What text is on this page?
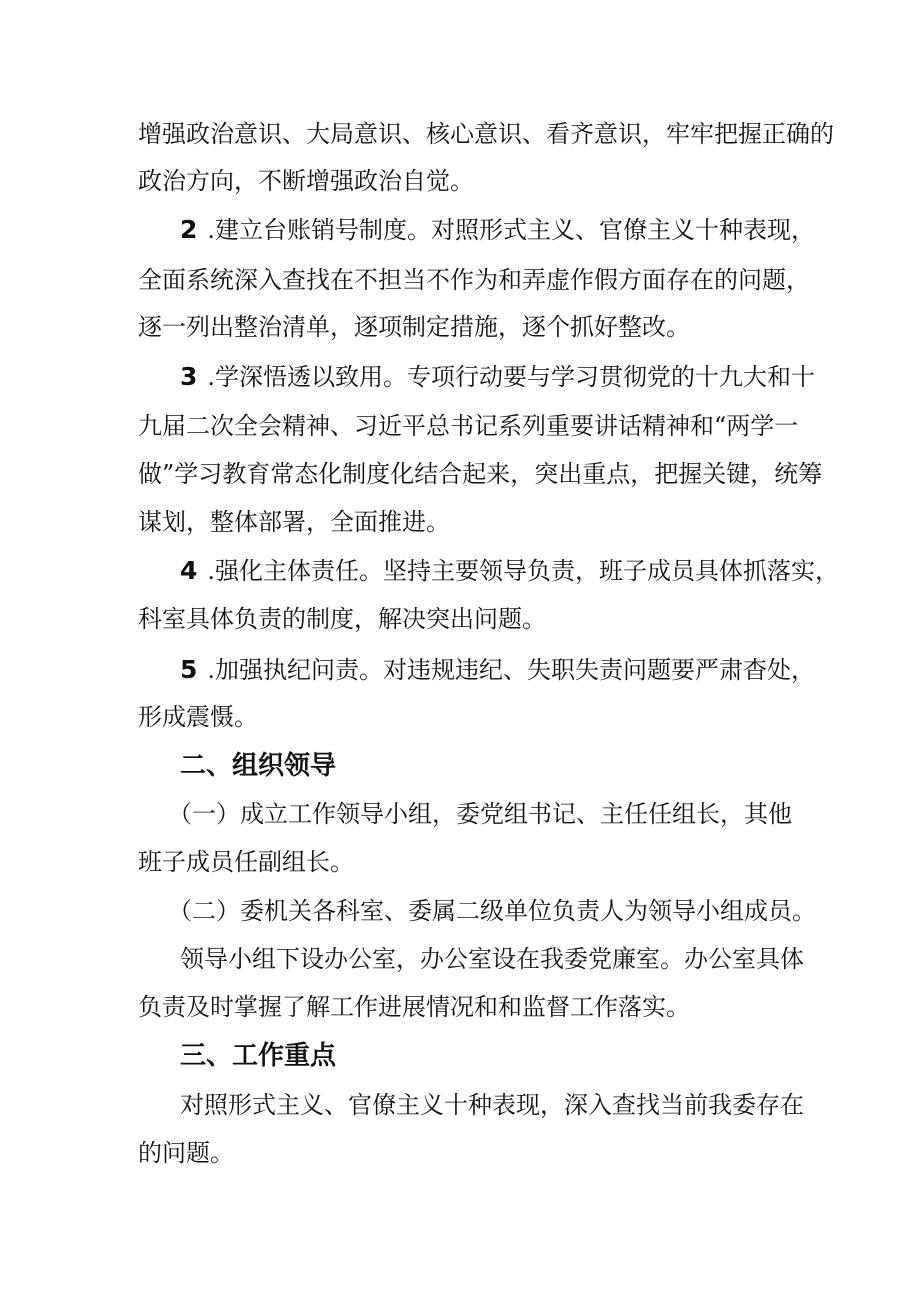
增强政治意识、大局意识、核心意识、看齐意识，牢牢把握正确的
政治方向，不断增强政治自觉。
2 .建立台账销号制度。对照形式主义、官僚主义十种表现，
全面系统深入查找在不担当不作为和弄虚作假方面存在的问题，
逐一列出整治清单，逐项制定措施，逐个抓好整改。
3 .学深悟透以致用。专项行动要与学习贯彻党的十九大和十
九届二次全会精神、习近平总书记系列重要讲话精神和“两学一
做”学习教育常态化制度化结合起来，突出重点，把握关键，统筹
谋划，整体部署，全面推进。
4 .强化主体责任。坚持主要领导负责，班子成员具体抓落实，
科室具体负责的制度，解决突出问题。
5 .加强执纪问责。对违规违纪、失职失责问题要严肃杳处，
形成震慑。
二、组织领导
（一）成立工作领导小组，委党组书记、主任任组长，其他
班子成员任副组长。
（二）委机关各科室、委属二级单位负责人为领导小组成员。
领导小组下设办公室，办公室设在我委党廉室。办公室具体
负责及时掌握了解工作进展情况和和监督工作落实。
三、工作重点
对照形式主义、官僚主义十种表现，深入查找当前我委存在
的问题。
